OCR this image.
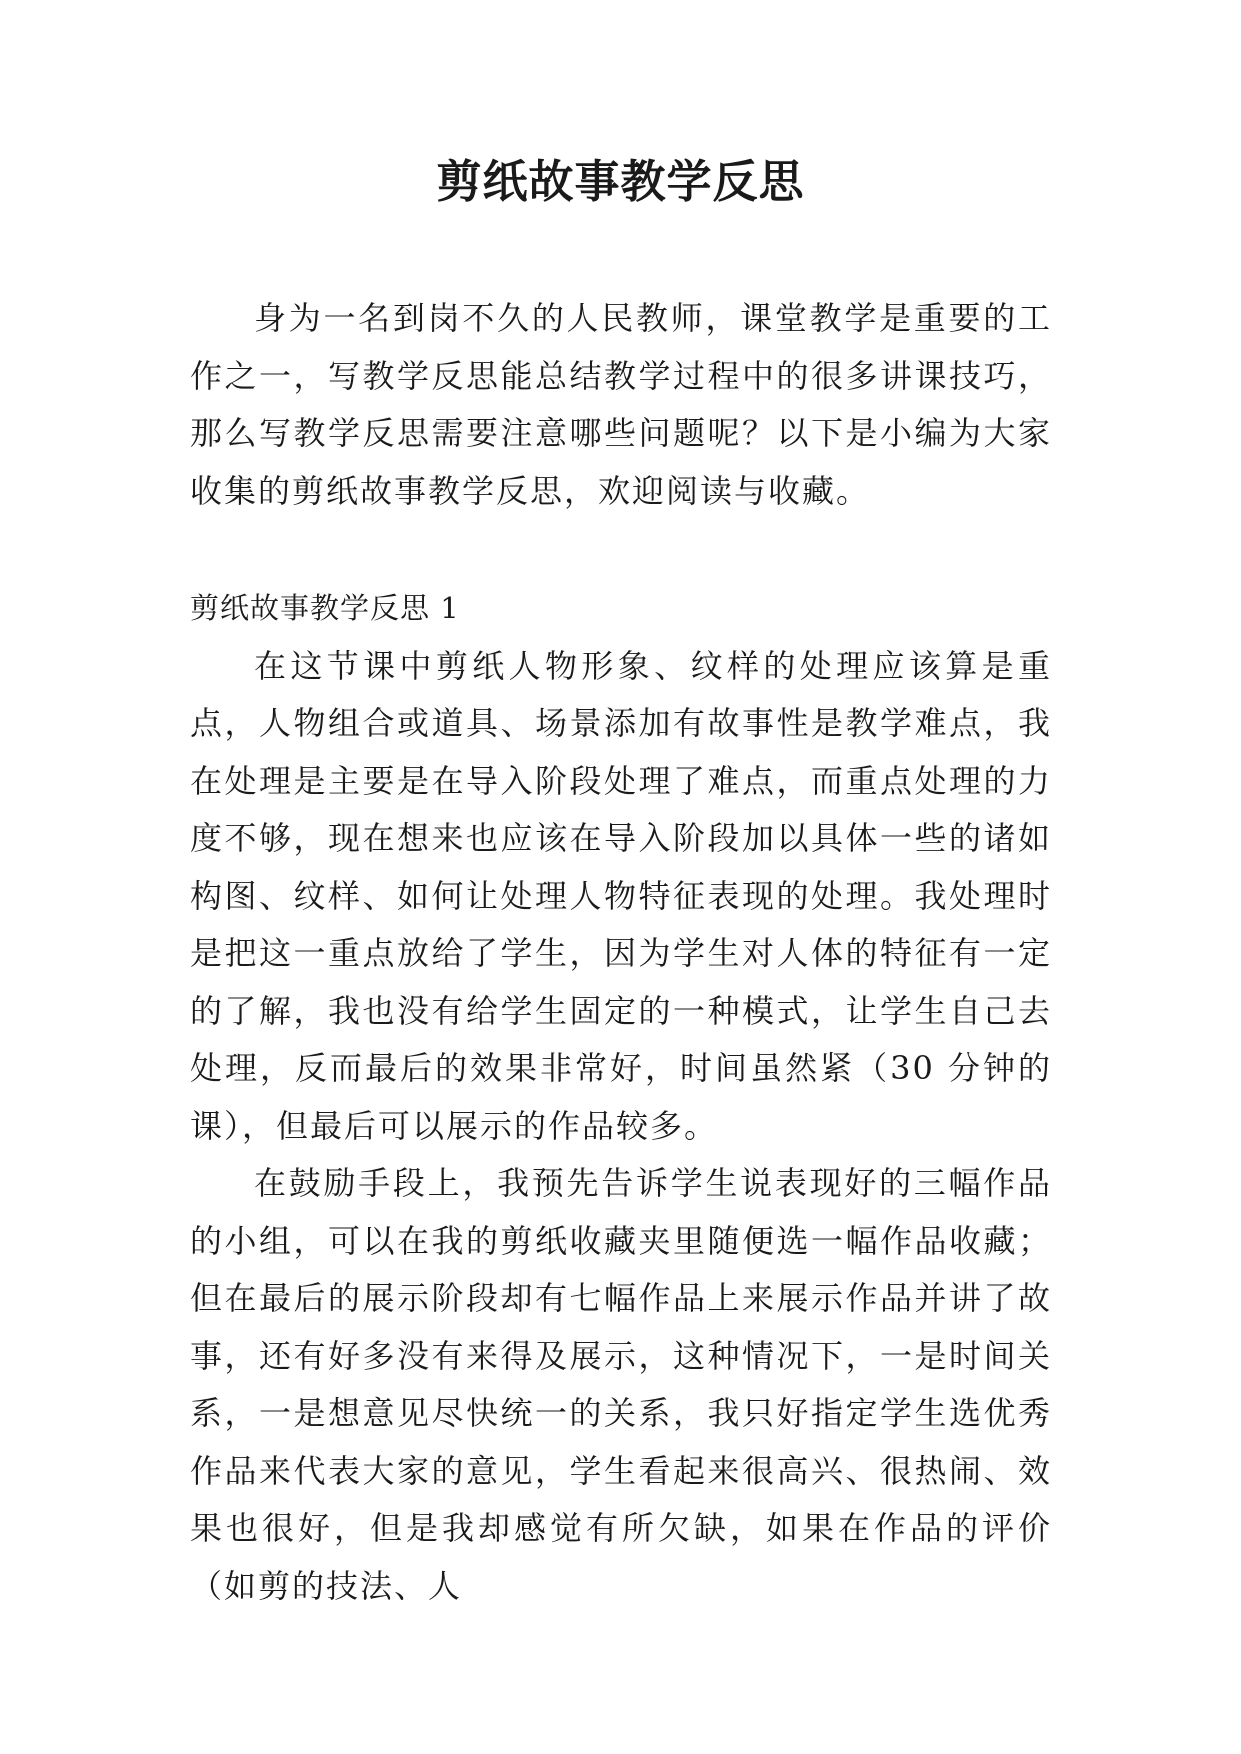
剪纸故事教学反思

身为一名到岗不久的人民教师，课堂教学是重要的工作之一，写教学反思能总结教学过程中的很多讲课技巧，那么写教学反思需要注意哪些问题呢？以下是小编为大家收集的剪纸故事教学反思，欢迎阅读与收藏。

剪纸故事教学反思 1

在这节课中剪纸人物形象、纹样的处理应该算是重点，人物组合或道具、场景添加有故事性是教学难点，我在处理是主要是在导入阶段处理了难点，而重点处理的力度不够，现在想来也应该在导入阶段加以具体一些的诸如构图、纹样、如何让处理人物特征表现的处理。我处理时是把这一重点放给了学生，因为学生对人体的特征有一定的了解，我也没有给学生固定的一种模式，让学生自己去处理，反而最后的效果非常好，时间虽然紧（30 分钟的课），但最后可以展示的作品较多。

在鼓励手段上，我预先告诉学生说表现好的三幅作品的小组，可以在我的剪纸收藏夹里随便选一幅作品收藏；但在最后的展示阶段却有七幅作品上来展示作品并讲了故事，还有好多没有来得及展示，这种情况下，一是时间关系，一是想意见尽快统一的关系，我只好指定学生选优秀作品来代表大家的意见，学生看起来很高兴、很热闹、效果也很好，但是我却感觉有所欠缺，如果在作品的评价（如剪的技法、人
